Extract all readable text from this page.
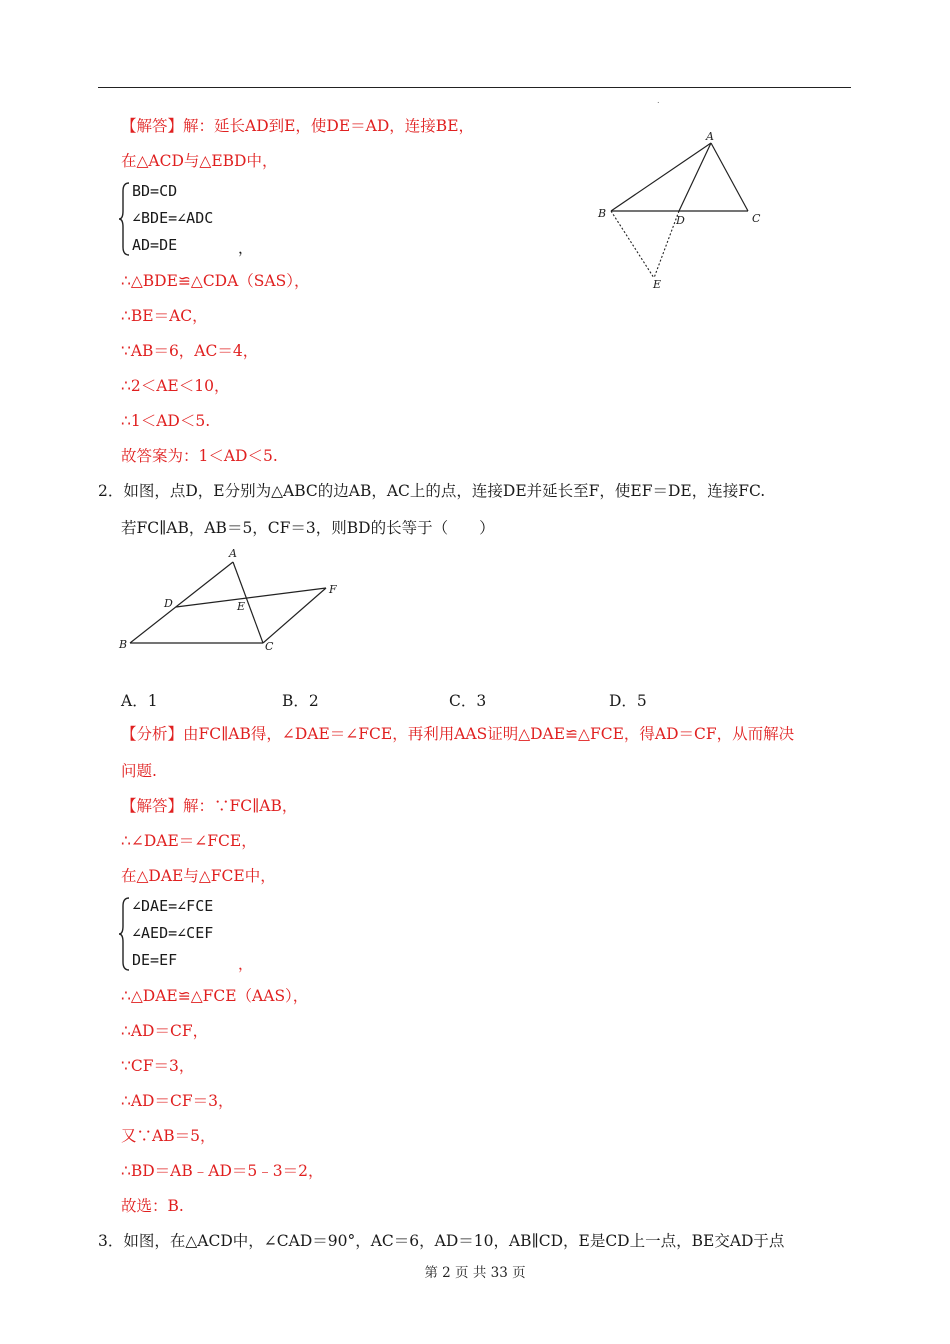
.
【解答】解：延长AD到E，使DE＝AD，连接BE，
在△ACD与△EBD中，
BD=CD
∠BDE=∠ADC
AD=DE	，
∴△BDE≌△CDA（SAS），
∴BE＝AC，
∵AB＝6，AC＝4，
∴2＜AE＜10，
∴1＜AD＜5.
故答案为：1＜AD＜5.
A
B	C
D
E
2．如图，点D，E分别为△ABC的边AB，AC上的点，连接DE并延长至F，使EF＝DE，连接FC.
若FC∥AB，AB＝5，CF＝3，则BD的长等于（　　）
A
B	C
D	E
F
A．1	B．2	C．3	D．5
【分析】由FC∥AB得，∠DAE＝∠FCE，再利用AAS证明△DAE≌△FCE，得AD＝CF，从而解决
问题.
【解答】解：∵FC∥AB，
∴∠DAE＝∠FCE，
在△DAE与△FCE中，
∠DAE=∠FCE
∠AED=∠CEF
DE=EF	，
∴△DAE≌△FCE（AAS），
∴AD＝CF，
∵CF＝3，
∴AD＝CF＝3，
又∵AB＝5，
∴BD＝AB﹣AD＝5﹣3＝2，
故选：B.
3．如图，在△ACD中，∠CAD＝90°，AC＝6，AD＝10，AB∥CD，E是CD上一点，BE交AD于点
第 2 页 共 33 页
